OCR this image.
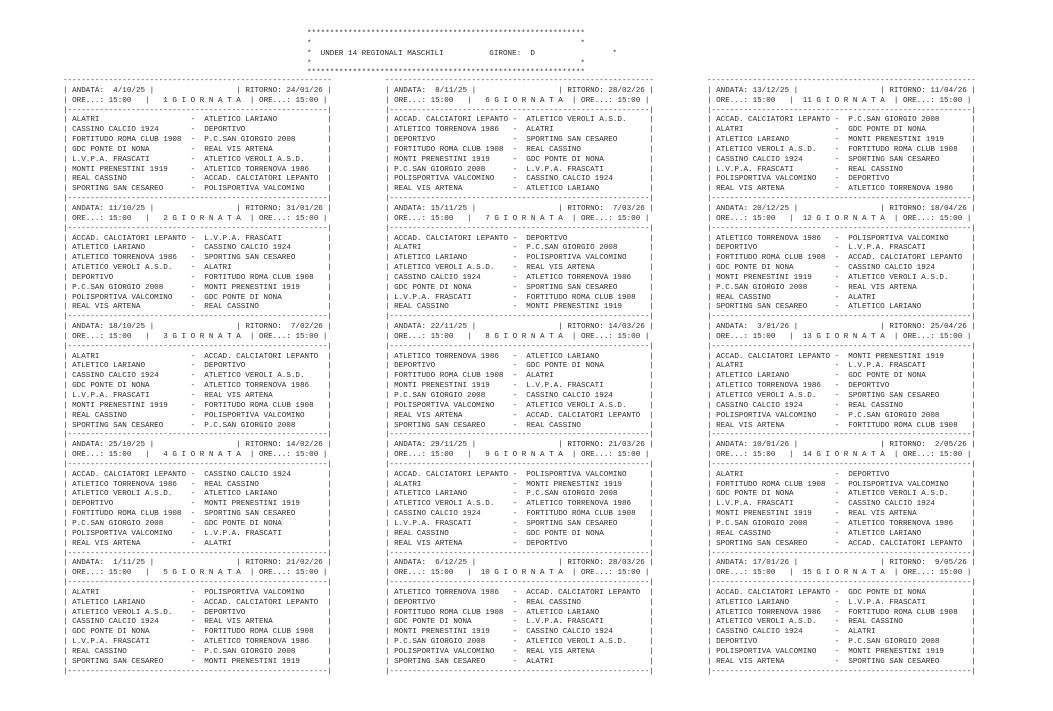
*************************************************************
*                                                           *
*  UNDER 14 REGIONALI MASCHILI	GIRONE: D                 *
*                                                           *
*************************************************************
-----------------------------------------------------------
| ANDATA: 4/10/25 |                  | RITORNO: 24/01/26 |
| ORE...: 15:00   |   1 G I O R N A T A  | ORE...: 15:00 |
|---------------------------------------------------------|
| ALATRI                    -  ATLETICO LARIANO           |
| CASSINO CALCIO 1924       -  DEPORTIVO                  |
| FORTITUDO ROMA CLUB 1908  -  P.C.SAN GIORGIO 2008       |
| GDC PONTE DI NONA         -  REAL VIS ARTENA            |
| L.V.P.A. FRASCATI         -  ATLETICO VEROLI A.S.D.     |
| MONTI PRENESTINI 1919     -  ATLETICO TORRENOVA 1986    |
| REAL CASSINO              -  ACCAD. CALCIATORI LEPANTO  |
| SPORTING SAN CESAREO      -  POLISPORTIVA VALCOMINO     |
|---------------------------------------------------------|
| ANDATA: 11/10/25 |                  | RITORNO: 31/01/26 |
| ORE...: 15:00   |   2 G I O R N A T A  | ORE...: 15:00 |
|---------------------------------------------------------|
| ACCAD. CALCIATORI LEPANTO -  L.V.P.A. FRASCATI          |
| ATLETICO LARIANO          -  CASSINO CALCIO 1924        |
| ATLETICO TORRENOVA 1986   -  SPORTING SAN CESAREO       |
| ATLETICO VEROLI A.S.D.    -  ALATRI                     |
| DEPORTIVO                 -  FORTITUDO ROMA CLUB 1908   |
| P.C.SAN GIORGIO 2008      -  MONTI PRENESTINI 1919      |
| POLISPORTIVA VALCOMINO    -  GDC PONTE DI NONA          |
| REAL VIS ARTENA           -  REAL CASSINO               |
|---------------------------------------------------------|
| ANDATA: 18/10/25 |                  | RITORNO: 7/02/26 |
| ORE...: 15:00   |   3 G I O R N A T A  | ORE...: 15:00 |
|---------------------------------------------------------|
| ALATRI                    -  ACCAD. CALCIATORI LEPANTO  |
| ATLETICO LARIANO          -  DEPORTIVO                  |
| CASSINO CALCIO 1924       -  ATLETICO VEROLI A.S.D.     |
| GDC PONTE DI NONA         -  ATLETICO TORRENOVA 1986    |
| L.V.P.A. FRASCATI         -  REAL VIS ARTENA            |
| MONTI PRENESTINI 1919     -  FORTITUDO ROMA CLUB 1908   |
| REAL CASSINO              -  POLISPORTIVA VALCOMINO     |
| SPORTING SAN CESAREO      -  P.C.SAN GIORGIO 2008       |
|---------------------------------------------------------|
| ANDATA: 25/10/25 |                  | RITORNO: 14/02/26 |
| ORE...: 15:00   |   4 G I O R N A T A  | ORE...: 15:00 |
|---------------------------------------------------------|
| ACCAD. CALCIATORI LEPANTO -  CASSINO CALCIO 1924        |
| ATLETICO TORRENOVA 1986   -  REAL CASSINO               |
| ATLETICO VEROLI A.S.D.    -  ATLETICO LARIANO           |
| DEPORTIVO                 -  MONTI PRENESTINI 1919      |
| FORTITUDO ROMA CLUB 1908  -  SPORTING SAN CESAREO       |
| P.C.SAN GIORGIO 2008      -  GDC PONTE DI NONA          |
| POLISPORTIVA VALCOMINO    -  L.V.P.A. FRASCATI          |
| REAL VIS ARTENA           -  ALATRI                     |
|---------------------------------------------------------|
| ANDATA: 1/11/25 |                  | RITORNO: 21/02/26 |
| ORE...: 15:00   |   5 G I O R N A T A  | ORE...: 15:00 |
|---------------------------------------------------------|
| ALATRI                    -  POLISPORTIVA VALCOMINO     |
| ATLETICO LARIANO          -  ACCAD. CALCIATORI LEPANTO  |
| ATLETICO VEROLI A.S.D.    -  DEPORTIVO                  |
| CASSINO CALCIO 1924       -  REAL VIS ARTENA            |
| GDC PONTE DI NONA         -  FORTITUDO ROMA CLUB 1908   |
| L.V.P.A. FRASCATI         -  ATLETICO TORRENOVA 1986    |
| REAL CASSINO              -  P.C.SAN GIORGIO 2008       |
| SPORTING SAN CESAREO      -  MONTI PRENESTINI 1919      |
|---------------------------------------------------------|
-----------------------------------------------------------
| ANDATA: 8/11/25 |                  | RITORNO: 28/02/26 |
| ORE...: 15:00   |   6 G I O R N A T A  | ORE...: 15:00 |
|---------------------------------------------------------|
| ACCAD. CALCIATORI LEPANTO -  ATLETICO VEROLI A.S.D.     |
| ATLETICO TORRENOVA 1986   -  ALATRI                     |
| DEPORTIVO                 -  SPORTING SAN CESAREO       |
| FORTITUDO ROMA CLUB 1908  -  REAL CASSINO               |
| MONTI PRENESTINI 1919     -  GDC PONTE DI NONA          |
| P.C.SAN GIORGIO 2008      -  L.V.P.A. FRASCATI          |
| POLISPORTIVA VALCOMINO    -  CASSINO CALCIO 1924        |
| REAL VIS ARTENA           -  ATLETICO LARIANO           |
|---------------------------------------------------------|
| ANDATA: 15/11/25 |                  | RITORNO: 7/03/26 |
| ORE...: 15:00   |   7 G I O R N A T A  | ORE...: 15:00 |
|---------------------------------------------------------|
| ACCAD. CALCIATORI LEPANTO -  DEPORTIVO                  |
| ALATRI                    -  P.C.SAN GIORGIO 2008       |
| ATLETICO LARIANO          -  POLISPORTIVA VALCOMINO     |
| ATLETICO VEROLI A.S.D.    -  REAL VIS ARTENA            |
| CASSINO CALCIO 1924       -  ATLETICO TORRENOVA 1986    |
| GDC PONTE DI NONA         -  SPORTING SAN CESAREO       |
| L.V.P.A. FRASCATI         -  FORTITUDO ROMA CLUB 1908   |
| REAL CASSINO              -  MONTI PRENESTINI 1919      |
|---------------------------------------------------------|
| ANDATA: 22/11/25 |                  | RITORNO: 14/03/26 |
| ORE...: 15:00   |   8 G I O R N A T A  | ORE...: 15:00 |
|---------------------------------------------------------|
| ATLETICO TORRENOVA 1986   -  ATLETICO LARIANO           |
| DEPORTIVO                 -  GDC PONTE DI NONA          |
| FORTITUDO ROMA CLUB 1908  -  ALATRI                     |
| MONTI PRENESTINI 1919     -  L.V.P.A. FRASCATI          |
| P.C.SAN GIORGIO 2008      -  CASSINO CALCIO 1924        |
| POLISPORTIVA VALCOMINO    -  ATLETICO VEROLI A.S.D.     |
| REAL VIS ARTENA           -  ACCAD. CALCIATORI LEPANTO  |
| SPORTING SAN CESAREO      -  REAL CASSINO               |
|---------------------------------------------------------|
| ANDATA: 29/11/25 |                  | RITORNO: 21/03/26 |
| ORE...: 15:00   |   9 G I O R N A T A  | ORE...: 15:00 |
|---------------------------------------------------------|
| ACCAD. CALCIATORI LEPANTO -  POLISPORTIVA VALCOMINO     |
| ALATRI                    -  MONTI PRENESTINI 1919      |
| ATLETICO LARIANO          -  P.C.SAN GIORGIO 2008       |
| ATLETICO VEROLI A.S.D.    -  ATLETICO TORRENOVA 1986    |
| CASSINO CALCIO 1924       -  FORTITUDO ROMA CLUB 1908   |
| L.V.P.A. FRASCATI         -  SPORTING SAN CESAREO       |
| REAL CASSINO              -  GDC PONTE DI NONA          |
| REAL VIS ARTENA           -  DEPORTIVO                  |
|---------------------------------------------------------|
| ANDATA: 6/12/25 |                  | RITORNO: 28/03/26 |
| ORE...: 15:00   |  10 G I O R N A T A  | ORE...: 15:00 |
|---------------------------------------------------------|
| ATLETICO TORRENOVA 1986   -  ACCAD. CALCIATORI LEPANTO  |
| DEPORTIVO                 -  REAL CASSINO               |
| FORTITUDO ROMA CLUB 1908  -  ATLETICO LARIANO           |
| GDC PONTE DI NONA         -  L.V.P.A. FRASCATI          |
| MONTI PRENESTINI 1919     -  CASSINO CALCIO 1924        |
| P.C.SAN GIORGIO 2008      -  ATLETICO VEROLI A.S.D.     |
| POLISPORTIVA VALCOMINO    -  REAL VIS ARTENA            |
| SPORTING SAN CESAREO      -  ALATRI                     |
|---------------------------------------------------------|
-----------------------------------------------------------
| ANDATA: 13/12/25 |                  | RITORNO: 11/04/26 |
| ORE...: 15:00   |  11 G I O R N A T A  | ORE...: 15:00 |
|---------------------------------------------------------|
| ACCAD. CALCIATORI LEPANTO -  P.C.SAN GIORGIO 2008       |
| ALATRI                    -  GDC PONTE DI NONA          |
| ATLETICO LARIANO          -  MONTI PRENESTINI 1919      |
| ATLETICO VEROLI A.S.D.    -  FORTITUDO ROMA CLUB 1908   |
| CASSINO CALCIO 1924       -  SPORTING SAN CESAREO       |
| L.V.P.A. FRASCATI         -  REAL CASSINO               |
| POLISPORTIVA VALCOMINO    -  DEPORTIVO                  |
| REAL VIS ARTENA           -  ATLETICO TORRENOVA 1986    |
|---------------------------------------------------------|
| ANDATA: 20/12/25 |                  | RITORNO: 18/04/26 |
| ORE...: 15:00   |  12 G I O R N A T A  | ORE...: 15:00 |
|---------------------------------------------------------|
| ATLETICO TORRENOVA 1986   -  POLISPORTIVA VALCOMINO     |
| DEPORTIVO                 -  L.V.P.A. FRASCATI          |
| FORTITUDO ROMA CLUB 1908  -  ACCAD. CALCIATORI LEPANTO  |
| GDC PONTE DI NONA         -  CASSINO CALCIO 1924        |
| MONTI PRENESTINI 1919     -  ATLETICO VEROLI A.S.D.     |
| P.C.SAN GIORGIO 2008      -  REAL VIS ARTENA            |
| REAL CASSINO              -  ALATRI                     |
| SPORTING SAN CESAREO      -  ATLETICO LARIANO           |
|---------------------------------------------------------|
| ANDATA: 3/01/26 |                  | RITORNO: 25/04/26 |
| ORE...: 15:00   |  13 G I O R N A T A  | ORE...: 15:00 |
|---------------------------------------------------------|
| ACCAD. CALCIATORI LEPANTO -  MONTI PRENESTINI 1919      |
| ALATRI                    -  L.V.P.A. FRASCATI          |
| ATLETICO LARIANO          -  GDC PONTE DI NONA          |
| ATLETICO TORRENOVA 1986   -  DEPORTIVO                  |
| ATLETICO VEROLI A.S.D.    -  SPORTING SAN CESAREO       |
| CASSINO CALCIO 1924       -  REAL CASSINO               |
| POLISPORTIVA VALCOMINO    -  P.C.SAN GIORGIO 2008       |
| REAL VIS ARTENA           -  FORTITUDO ROMA CLUB 1908   |
|---------------------------------------------------------|
| ANDATA: 10/01/26 |                  | RITORNO: 2/05/26 |
| ORE...: 15:00   |  14 G I O R N A T A  | ORE...: 15:00 |
|---------------------------------------------------------|
| ALATRI                    -  DEPORTIVO                  |
| FORTITUDO ROMA CLUB 1908  -  POLISPORTIVA VALCOMINO     |
| GDC PONTE DI NONA         -  ATLETICO VEROLI A.S.D.     |
| L.V.P.A. FRASCATI         -  CASSINO CALCIO 1924        |
| MONTI PRENESTINI 1919     -  REAL VIS ARTENA            |
| P.C.SAN GIORGIO 2008      -  ATLETICO TORRENOVA 1986    |
| REAL CASSINO              -  ATLETICO LARIANO           |
| SPORTING SAN CESAREO      -  ACCAD. CALCIATORI LEPANTO  |
|---------------------------------------------------------|
| ANDATA: 17/01/26 |                  | RITORNO: 9/05/26 |
| ORE...: 15:00   |  15 G I O R N A T A  | ORE...: 15:00 |
|---------------------------------------------------------|
| ACCAD. CALCIATORI LEPANTO -  GDC PONTE DI NONA          |
| ATLETICO LARIANO          -  L.V.P.A. FRASCATI          |
| ATLETICO TORRENOVA 1986   -  FORTITUDO ROMA CLUB 1908   |
| ATLETICO VEROLI A.S.D.    -  REAL CASSINO               |
| CASSINO CALCIO 1924       -  ALATRI                     |
| DEPORTIVO                 -  P.C.SAN GIORGIO 2008       |
| POLISPORTIVA VALCOMINO    -  MONTI PRENESTINI 1919      |
| REAL VIS ARTENA           -  SPORTING SAN CESAREO       |
|---------------------------------------------------------|
